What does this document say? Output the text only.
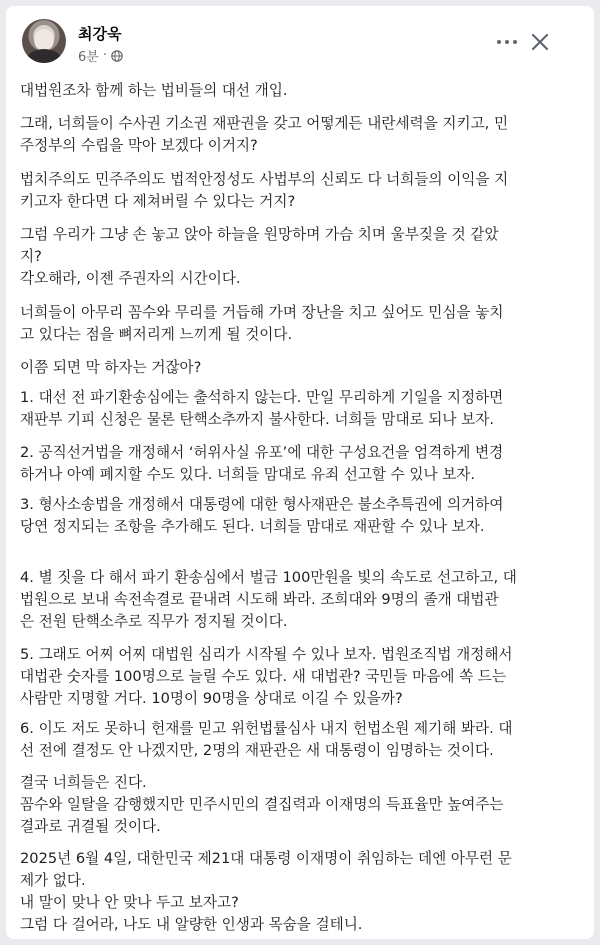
최강욱
6분 ·

대법원조차 함께 하는 법비들의 대선 개입.

그래, 너희들이 수사권 기소권 재판권을 갖고 어떻게든 내란세력을 지키고, 민
주정부의 수립을 막아 보겠다 이거지?

법치주의도 민주주의도 법적안정성도 사법부의 신뢰도 다 너희들의 이익을 지
키고자 한다면 다 제쳐버릴 수 있다는 거지?

그럼 우리가 그냥 손 놓고 앉아 하늘을 원망하며 가슴 치며 울부짖을 것 같았
지?
각오해라, 이젠 주권자의 시간이다.

너희들이 아무리 꼼수와 무리를 거듭해 가며 장난을 치고 싶어도 민심을 놓치
고 있다는 점을 뼈저리게 느끼게 될 것이다.

이쯤 되면 막 하자는 거잖아?

1. 대선 전 파기환송심에는 출석하지 않는다. 만일 무리하게 기일을 지정하면
재판부 기피 신청은 물론 탄핵소추까지 불사한다. 너희들 맘대로 되나 보자.

2. 공직선거법을 개정해서 ‘허위사실 유포’에 대한 구성요건을 엄격하게 변경
하거나 아예 폐지할 수도 있다. 너희들 맘대로 유죄 선고할 수 있나 보자.

3. 형사소송법을 개정해서 대통령에 대한 형사재판은 불소추특권에 의거하여
당연 정지되는 조항을 추가해도 된다. 너희들 맘대로 재판할 수 있나 보자.

4. 별 짓을 다 해서 파기 환송심에서 벌금 100만원을 빛의 속도로 선고하고, 대
법원으로 보내 속전속결로 끝내려 시도해 봐라. 조희대와 9명의 졸개 대법관
은 전원 탄핵소추로 직무가 정지될 것이다.

5. 그래도 어찌 어찌 대법원 심리가 시작될 수 있나 보자. 법원조직법 개정해서
대법관 숫자를 100명으로 늘릴 수도 있다. 새 대법관? 국민들 마음에 쏙 드는
사람만 지명할 거다. 10명이 90명을 상대로 이길 수 있을까?

6. 이도 저도 못하니 헌재를 믿고 위헌법률심사 내지 헌법소원 제기해 봐라. 대
선 전에 결정도 안 나겠지만, 2명의 재판관은 새 대통령이 임명하는 것이다.

결국 너희들은 진다.
꼼수와 일탈을 감행했지만 민주시민의 결집력과 이재명의 득표율만 높여주는
결과로 귀결될 것이다.

2025년 6월 4일, 대한민국 제21대 대통령 이재명이 취임하는 데엔 아무런 문
제가 없다.
내 말이 맞나 안 맞나 두고 보자고?
그럼 다 걸어라, 나도 내 알량한 인생과 목숨을 걸테니.
